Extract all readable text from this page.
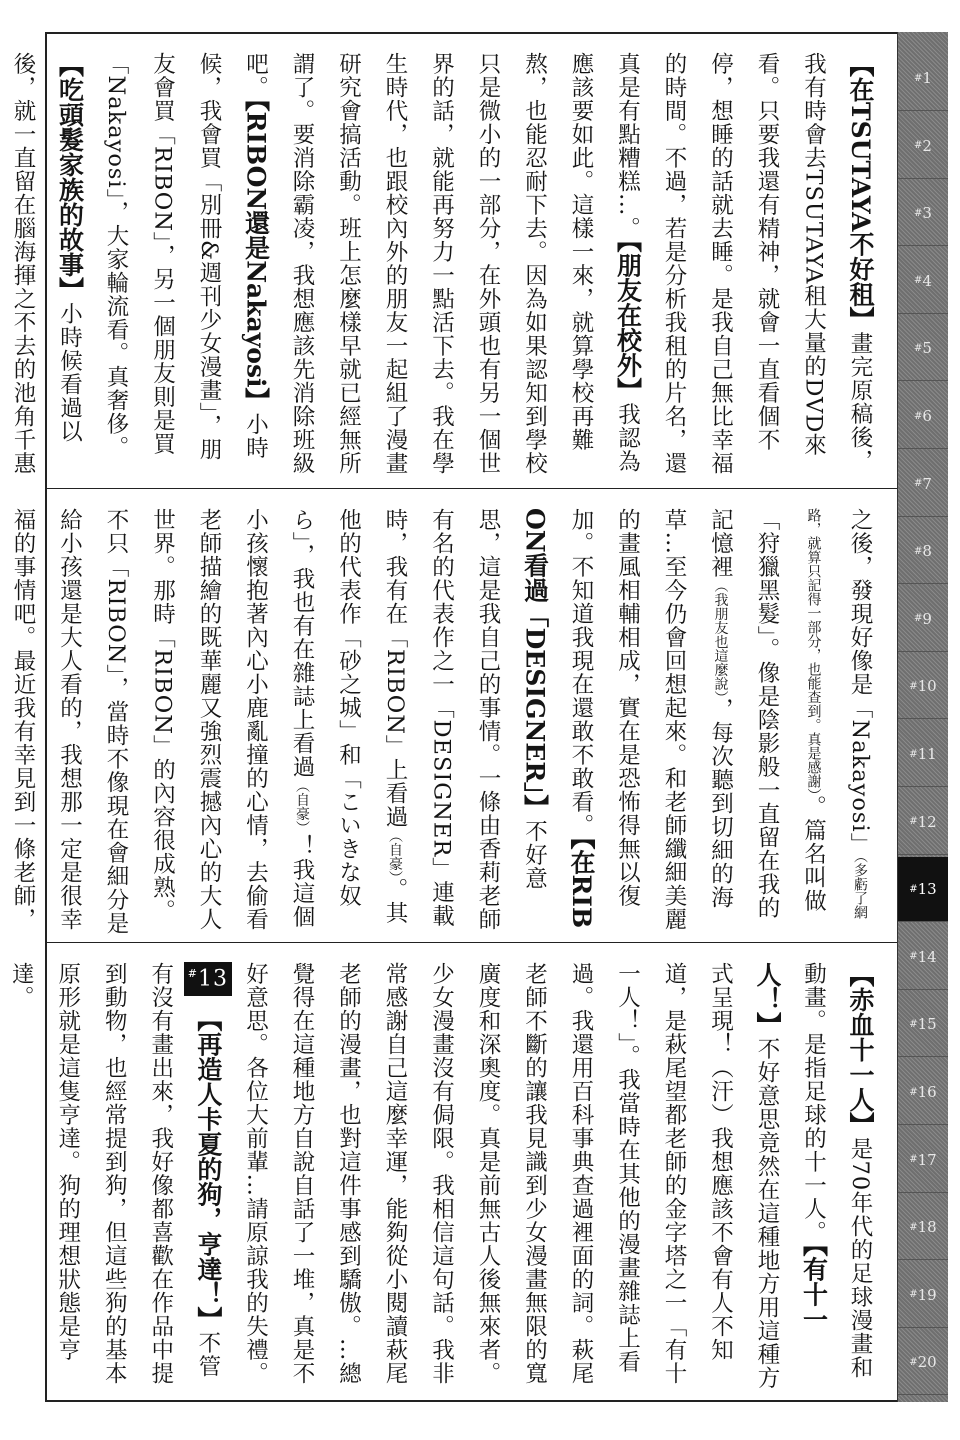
【在TSUTAYA不好租】畫完原稿後，我有時會去TSUTAYA租大量的DVD來看。只要我還有精神，就會一直看個不停，想睡的話就去睡。是我自己無比幸福的時間。不過，若是分析我租的片名，還真是有點糟糕…。【朋友在校外】我認為應該要如此。這樣一來，就算學校再難熬，也能忍耐下去。因為如果認知到學校只是微小的一部分，在外頭也有另一個世界的話，就能再努力一點活下去。我在學生時代，也跟校內外的朋友一起組了漫畫研究會搞活動。班上怎麼樣早就已經無所謂了。要消除霸凌，我想應該先消除班級吧。【RIBON還是Nakayosi】小時候，我會買「別冊&週刊少女漫畫」，朋友會買「RIBON」，另一個朋友則是買「Nakayosi」，大家輪流看。真奢侈。【吃頭髮家族的故事】小時候看過以後，就一直留在腦海揮之不去的池角千惠
之後，發現好像是「Nakayosi」（多虧了網路，就算只記得一部分，也能查到。真是感謝）。篇名叫做「狩獵黑髮」。像是陰影般一直留在我的記憶裡（我朋友也這麼說），每次聽到切細的海草…至今仍會回想起來。和老師纖細美麗的畫風相輔相成，實在是恐怖得無以復加。不知道我現在還敢不敢看。【在RIBON看過「DESIGNER」】不好意思，這是我自己的事情。一條由香莉老師有名的代表作之一「DESIGNER」連載時，我有在「RIBON」上看過（自豪）。其他的代表作「砂之城」和「こいきな奴ら」，我也有在雜誌上看過（自豪）！我這個小孩懷抱著內心小鹿亂撞的心情，去偷看老師描繪的既華麗又強烈震撼內心的大人世界。那時「RIBON」的內容很成熟。不只「RIBON」，當時不像現在會細分是給小孩還是大人看的，我想那一定是很幸福的事情吧。最近我有幸見到一條老師，
【赤血十一人】是70年代的足球漫畫和動畫。是指足球的十一人。【有十一人！】不好意思竟然在這種地方用這種方式呈現！（汗）我想應該不會有人不知道，是萩尾望都老師的金字塔之一「有十一人！」。我當時在其他的漫畫雜誌上看過。我還用百科事典查過裡面的詞。萩尾老師不斷的讓我見識到少女漫畫無限的寬廣度和深奧度。真是前無古人後無來者。少女漫畫沒有侷限。我相信這句話。我非常感謝自己這麼幸運，能夠從小閱讀萩尾老師的漫畫，也對這件事感到驕傲。…總覺得在這種地方自說自話了一堆，真是不好意思。各位大前輩…請原諒我的失禮。#13【再造人卡夏的狗，亨達！】不管有沒有畫出來，我好像都喜歡在作品中提到動物，也經常提到狗，但這些狗的基本原形就是這隻亨達。狗的理想狀態是亨達。
# 1
# 2
# 3
# 4
# 5
# 6
# 7
# 8
# 9
# 10
# 11
# 12
# 13
# 14
# 15
# 16
# 17
# 18
# 19
# 20
